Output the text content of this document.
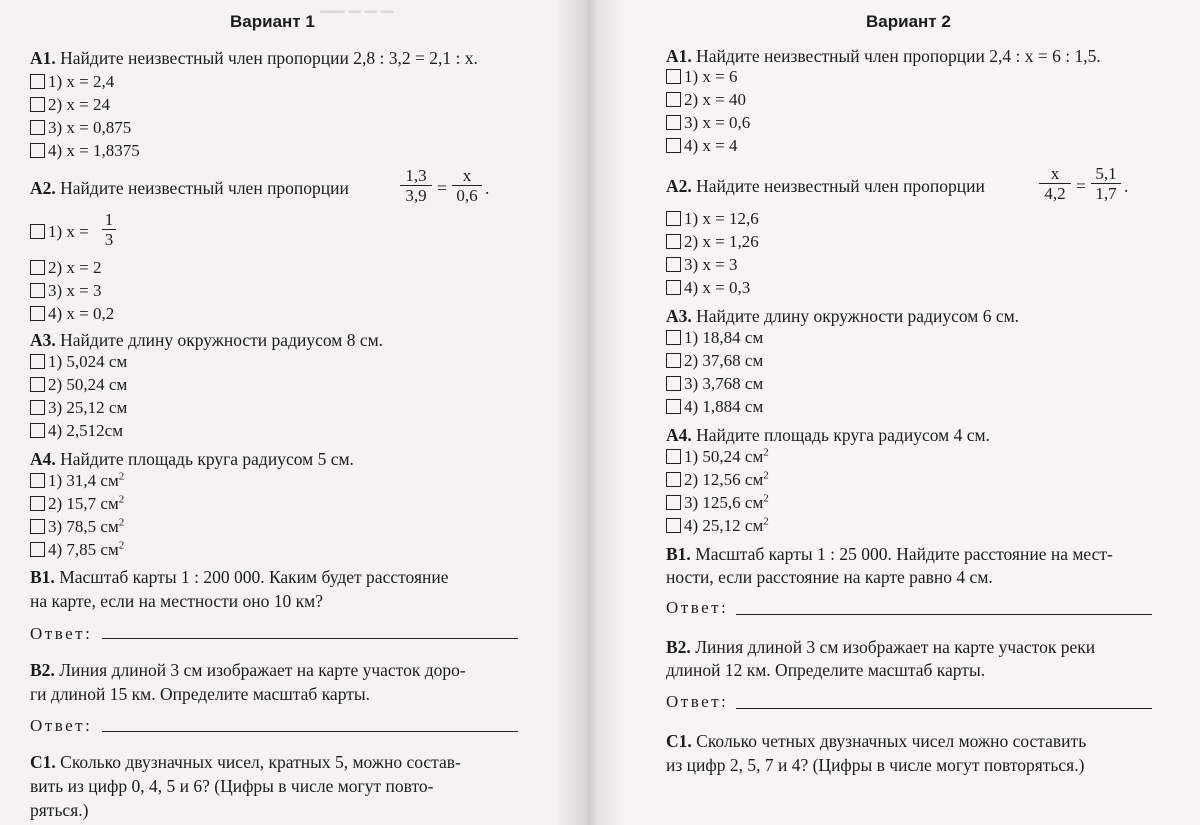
▁▁ ▁ ▁ ▁
Вариант 1
А1. Найдите неизвестный член пропорции 2,8 : 3,2 = 2,1 : x.
1) x = 2,4
2) x = 24
3) x = 0,875
4) x = 1,8375
А2. Найдите неизвестный член пропорции	$\frac{1,3}{3,9} = \frac{x}{0,6}$ .
1) $x = \frac{1}{3}$
2) x = 2
3) x = 3
4) x = 0,2
А3. Найдите длину окружности радиусом 8 см.
1) 5,024 см
2) 50,24 см
3) 25,12 см
4) 2,512см
А4. Найдите площадь круга радиусом 5 см.
1) 31,4 $см^2$
2) 15,7 $см^2$
3) 78,5 $см^2$
4) 7,85 $см^2$
В1. Масштаб карты 1 : 200 000. Каким будет расстояние
на карте, если на местности оно 10 км?
Ответ:
В2. Линия длиной 3 см изображает на карте участок доро-
ги длиной 15 км. Определите масштаб карты.
Ответ:
С1. Сколько двузначных чисел, кратных 5, можно состав-
вить из цифр 0, 4, 5 и 6? (Цифры в числе могут повто-
ряться.)
Вариант 2
А1. Найдите неизвестный член пропорции 2,4 : x = 6 : 1,5.
1) x = 6
2) x = 40
3) x = 0,6
4) x = 4
А2. Найдите неизвестный член пропорции	$\frac{x}{4,2} = \frac{5,1}{1,7}$ .
1) x = 12,6
2) x = 1,26
3) x = 3
4) x = 0,3
А3. Найдите длину окружности радиусом 6 см.
1) 18,84 см
2) 37,68 см
3) 3,768 см
4) 1,884 см
А4. Найдите площадь круга радиусом 4 см.
1) 50,24 $см^2$
2) 12,56 $см^2$
3) 125,6 $см^2$
4) 25,12 $см^2$
В1. Масштаб карты 1 : 25 000. Найдите расстояние на мест-
ности, если расстояние на карте равно 4 см.
Ответ:
В2. Линия длиной 3 см изображает на карте участок реки
длиной 12 км. Определите масштаб карты.
Ответ:
С1. Сколько четных двузначных чисел можно составить
из цифр 2, 5, 7 и 4? (Цифры в числе могут повторяться.)
